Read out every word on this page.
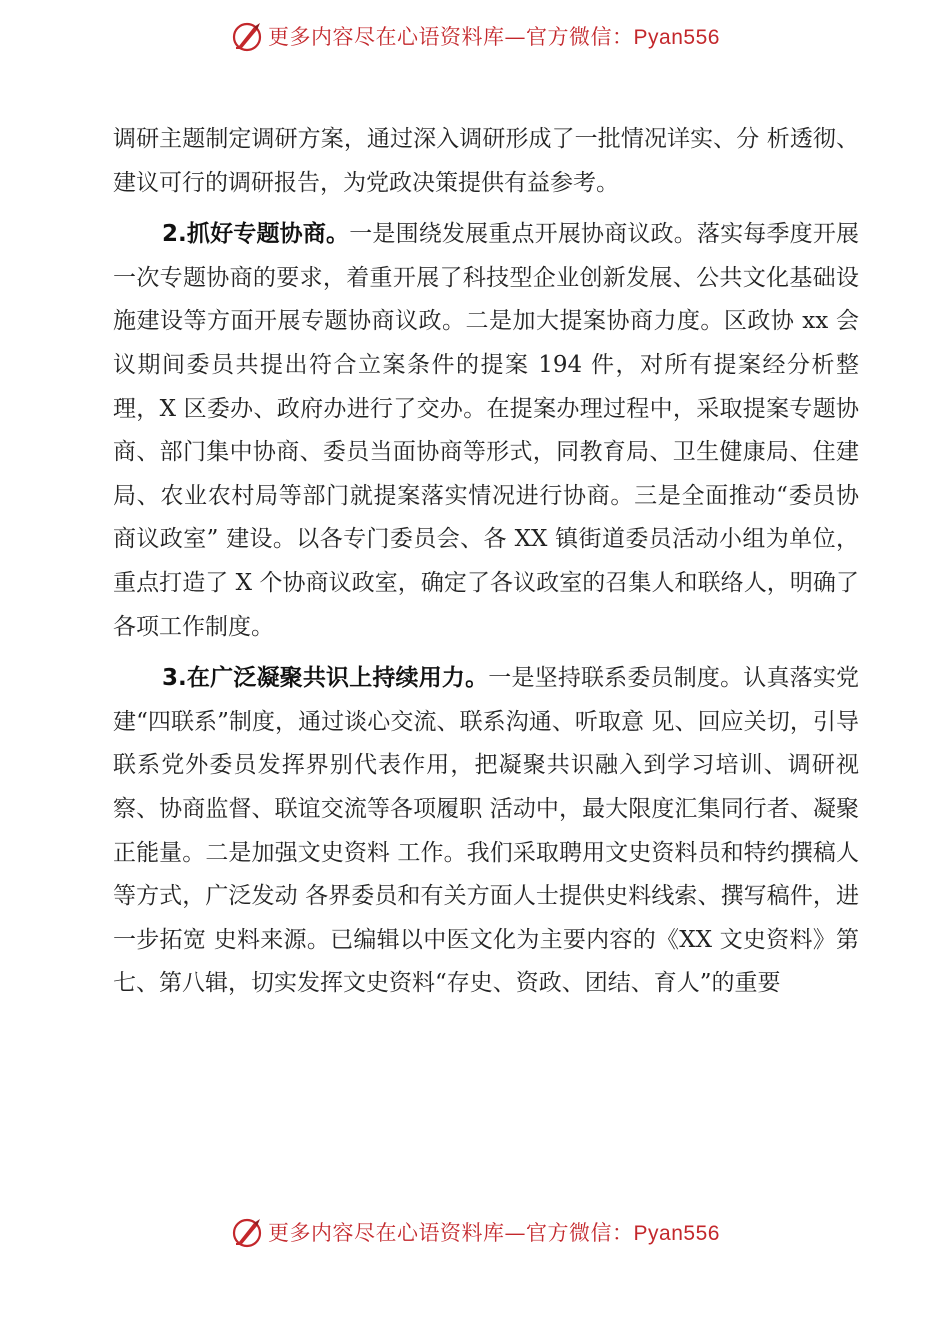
更多内容尽在心语资料库—官方微信：Pyan556

调研主题制定调研方案，通过深入调研形成了一批情况详实、分 析透彻、建议可行的调研报告，为党政决策提供有益参考。

2.抓好专题协商。一是围绕发展重点开展协商议政。落实每季度开展一次专题协商的要求，着重开展了科技型企业创新发展、公共文化基础设施建设等方面开展专题协商议政。二是加大提案协商力度。区政协 xx 会议期间委员共提出符合立案条件的提案 194 件，对所有提案经分析整理，X 区委办、政府办进行了交办。在提案办理过程中，采取提案专题协商、部门集中协商、委员当面协商等形式，同教育局、卫生健康局、住建局、农业农村局等部门就提案落实情况进行协商。三是全面推动“委员协商议政室” 建设。以各专门委员会、各 XX 镇街道委员活动小组为单位，重点打造了 X 个协商议政室，确定了各议政室的召集人和联络人，明确了各项工作制度。

3.在广泛凝聚共识上持续用力。一是坚持联系委员制度。认真落实党建“四联系”制度，通过谈心交流、联系沟通、听取意 见、回应关切，引导联系党外委员发挥界别代表作用，把凝聚共识融入到学习培训、调研视察、协商监督、联谊交流等各项履职 活动中，最大限度汇集同行者、凝聚正能量。二是加强文史资料 工作。我们采取聘用文史资料员和特约撰稿人等方式，广泛发动 各界委员和有关方面人士提供史料线索、撰写稿件，进一步拓宽 史料来源。已编辑以中医文化为主要内容的《XX 文史资料》第七、第八辑，切实发挥文史资料“存史、资政、团结、育人”的重要

更多内容尽在心语资料库—官方微信：Pyan556
